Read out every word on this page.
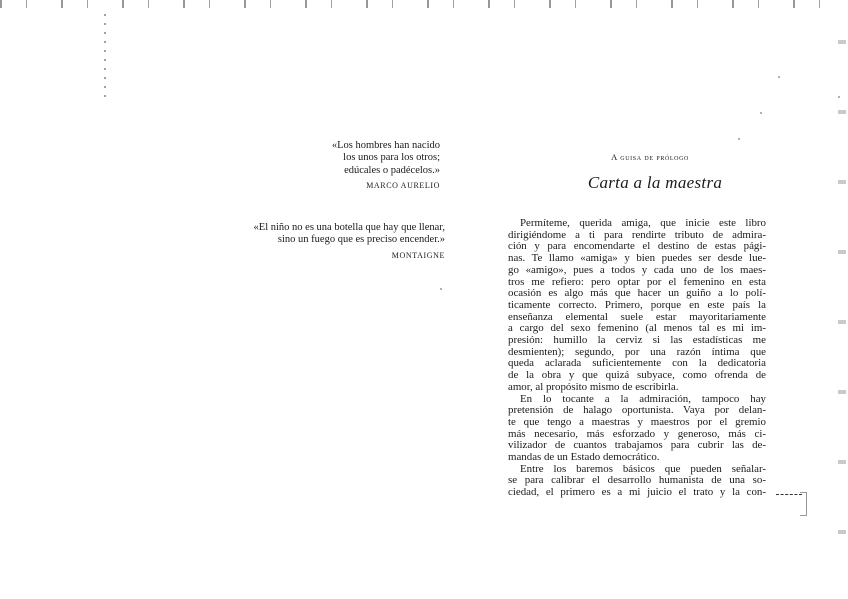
«Los hombres han nacido
los unos para los otros;
edúcales o padécelos.»
MARCO AURELIO
«El niño no es una botella que hay que llenar,
sino un fuego que es preciso encender.»
MONTAIGNE
A guisa de prólogo
Carta a la maestra
Permíteme, querida amiga, que inicie este libro
dirigiéndome a ti para rendirte tributo de admira-
ción y para encomendarte el destino de estas pági-
nas. Te llamo «amiga» y bien puedes ser desde lue-
go «amigo», pues a todos y cada uno de los maes-
tros me refiero: pero optar por el femenino en esta
ocasión es algo más que hacer un guiño a lo polí-
ticamente correcto. Primero, porque en este país la
enseñanza elemental suele estar mayoritariamente
a cargo del sexo femenino (al menos tal es mi im-
presión: humillo la cerviz si las estadísticas me
desmienten); segundo, por una razón íntima que
queda aclarada suficientemente con la dedicatoria
de la obra y que quizá subyace, como ofrenda de
amor, al propósito mismo de escribirla.
En lo tocante a la admiración, tampoco hay
pretensión de halago oportunista. Vaya por delan-
te que tengo a maestras y maestros por el gremio
más necesario, más esforzado y generoso, más ci-
vilizador de cuantos trabajamos para cubrir las de-
mandas de un Estado democrático.
Entre los baremos básicos que pueden señalar-
se para calibrar el desarrollo humanista de una so-
ciedad, el primero es a mi juicio el trato y la con-
